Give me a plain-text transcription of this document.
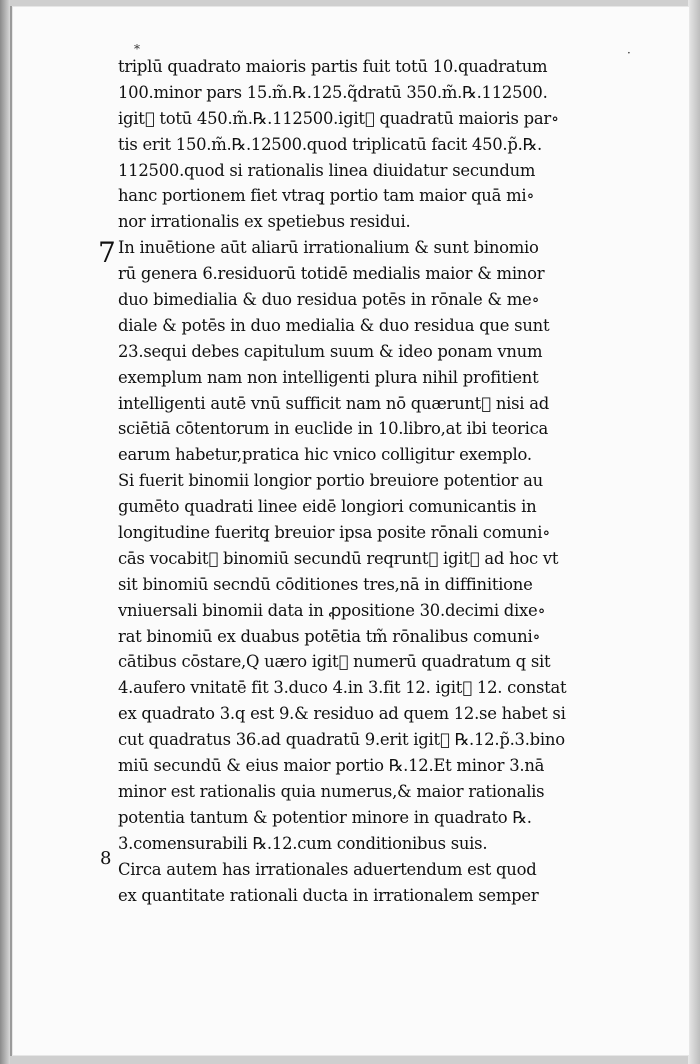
*	·
7
8
triplū quadrato maioris partis fuit totū 10.quadratum
100.minor pars 15.m̃.℞.125.q̃dratū 350.m̃.℞.112500.
igit᷑ totū 450.m̃.℞.112500.igit᷑ quadratū maioris par∘
tis erit 150.m̃.℞.12500.quod triplicatū facit 450.p̃.℞.
112500.quod si rationalis linea diuidatur secundum
hanc portionem fiet vtraq̧ portio tam maior quā mi∘
nor irrationalis ex spetiebus residui.
In inuētione aūt aliarū irrationalium & sunt binomio
rū genera 6.residuorū totidē medialis maior & minor
duo bimedialia & duo residua potēs in rōnale & me∘
diale & potēs in duo medialia & duo residua que sunt
23.sequi debes capitulum suum & ideo ponam vnum
exemplum nam non intelligenti plura nihil profitient
intelligenti autē vnū sufficit nam nō quærunt᷑ nisi ad
sciētiā cōtentorum in euclide in 10.libro,at ibi teorica
earum habetur,pratica hic vnico colligitur exemplo.
Si fuerit binomii longior portio breuiore potentior au
gumēto quadrati linee eidē longiori comunicantis in
longitudine fueritq̧ breuior ipsa posite rōnali comuni∘
cās vocabit᷑ binomiū secundū reqrunt᷑ igit᷑ ad hoc vt
sit binomiū secndū cōditiones tres,nā in diffinitione
vniuersali binomii data in ꝓpositione 30.decimi dixe∘
rat binomiū ex duabus potētia tm̃ rōnalibus comuni∘
cātibus cōstare,Q uæro igit᷑ numerū quadratum q sit
4.aufero vnitatē fit 3.duco 4.in 3.fit 12. igit᷑ 12. constat
ex quadrato 3.q est 9.& residuo ad quem 12.se habet si
cut quadratus 36.ad quadratū 9.erit igit᷑ ℞.12.p̃.3.bino
miū secundū & eius maior portio ℞.12.Et minor 3.nā
minor est rationalis quia numerus,& maior rationalis
potentia tantum & potentior minore in quadrato ℞.
3.comensurabili ℞.12.cum conditionibus suis.
Circa autem has irrationales aduertendum est quod
ex quantitate rationali ducta in irrationalem semper
